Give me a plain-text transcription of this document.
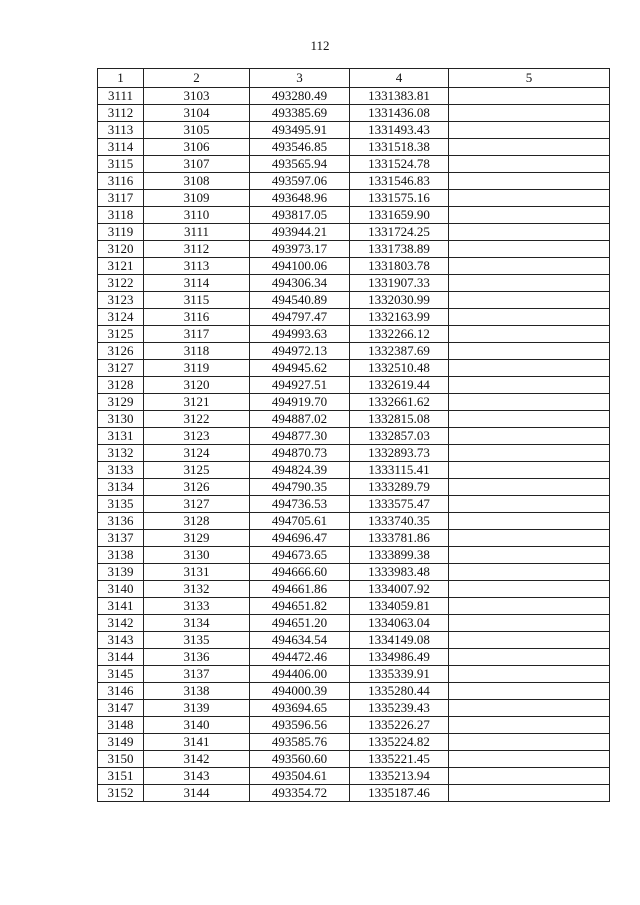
112
1	2	3	4	5
3111	3103	493280.49	1331383.81	
3112	3104	493385.69	1331436.08	
3113	3105	493495.91	1331493.43	
3114	3106	493546.85	1331518.38	
3115	3107	493565.94	1331524.78	
3116	3108	493597.06	1331546.83	
3117	3109	493648.96	1331575.16	
3118	3110	493817.05	1331659.90	
3119	3111	493944.21	1331724.25	
3120	3112	493973.17	1331738.89	
3121	3113	494100.06	1331803.78	
3122	3114	494306.34	1331907.33	
3123	3115	494540.89	1332030.99	
3124	3116	494797.47	1332163.99	
3125	3117	494993.63	1332266.12	
3126	3118	494972.13	1332387.69	
3127	3119	494945.62	1332510.48	
3128	3120	494927.51	1332619.44	
3129	3121	494919.70	1332661.62	
3130	3122	494887.02	1332815.08	
3131	3123	494877.30	1332857.03	
3132	3124	494870.73	1332893.73	
3133	3125	494824.39	1333115.41	
3134	3126	494790.35	1333289.79	
3135	3127	494736.53	1333575.47	
3136	3128	494705.61	1333740.35	
3137	3129	494696.47	1333781.86	
3138	3130	494673.65	1333899.38	
3139	3131	494666.60	1333983.48	
3140	3132	494661.86	1334007.92	
3141	3133	494651.82	1334059.81	
3142	3134	494651.20	1334063.04	
3143	3135	494634.54	1334149.08	
3144	3136	494472.46	1334986.49	
3145	3137	494406.00	1335339.91	
3146	3138	494000.39	1335280.44	
3147	3139	493694.65	1335239.43	
3148	3140	493596.56	1335226.27	
3149	3141	493585.76	1335224.82	
3150	3142	493560.60	1335221.45	
3151	3143	493504.61	1335213.94	
3152	3144	493354.72	1335187.46	
